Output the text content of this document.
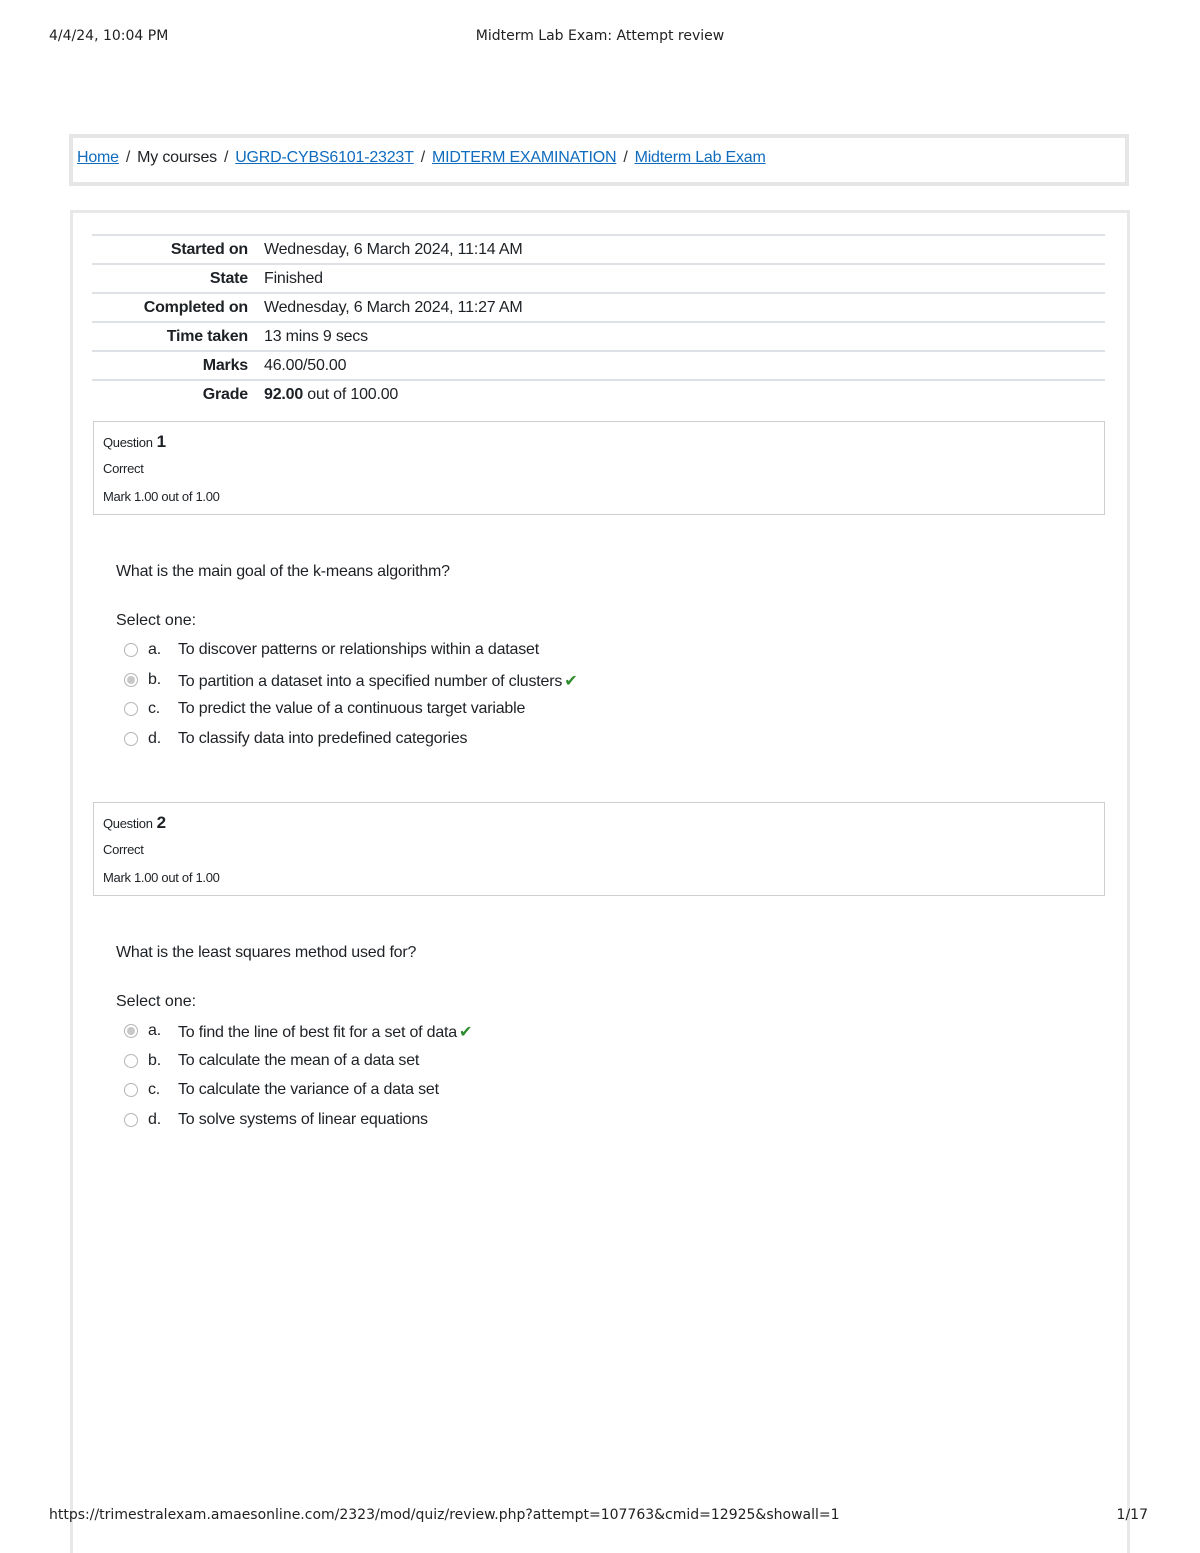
4/4/24, 10:04 PM	Midterm Lab Exam: Attempt review
Home / My courses / UGRD-CYBS6101-2323T / MIDTERM EXAMINATION / Midterm Lab Exam
Started on	Wednesday, 6 March 2024, 11:14 AM
State	Finished
Completed on	Wednesday, 6 March 2024, 11:27 AM
Time taken	13 mins 9 secs
Marks	46.00/50.00
Grade	92.00 out of 100.00
Question 1
Correct
Mark 1.00 out of 1.00
What is the main goal of the k-means algorithm?
Select one:
a. To discover patterns or relationships within a dataset
b. To partition a dataset into a specified number of clusters ✔
c. To predict the value of a continuous target variable
d. To classify data into predefined categories
Question 2
Correct
Mark 1.00 out of 1.00
What is the least squares method used for?
Select one:
a. To find the line of best fit for a set of data ✔
b. To calculate the mean of a data set
c. To calculate the variance of a data set
d. To solve systems of linear equations
https://trimestralexam.amaesonline.com/2323/mod/quiz/review.php?attempt=107763&cmid=12925&showall=1	1/17
